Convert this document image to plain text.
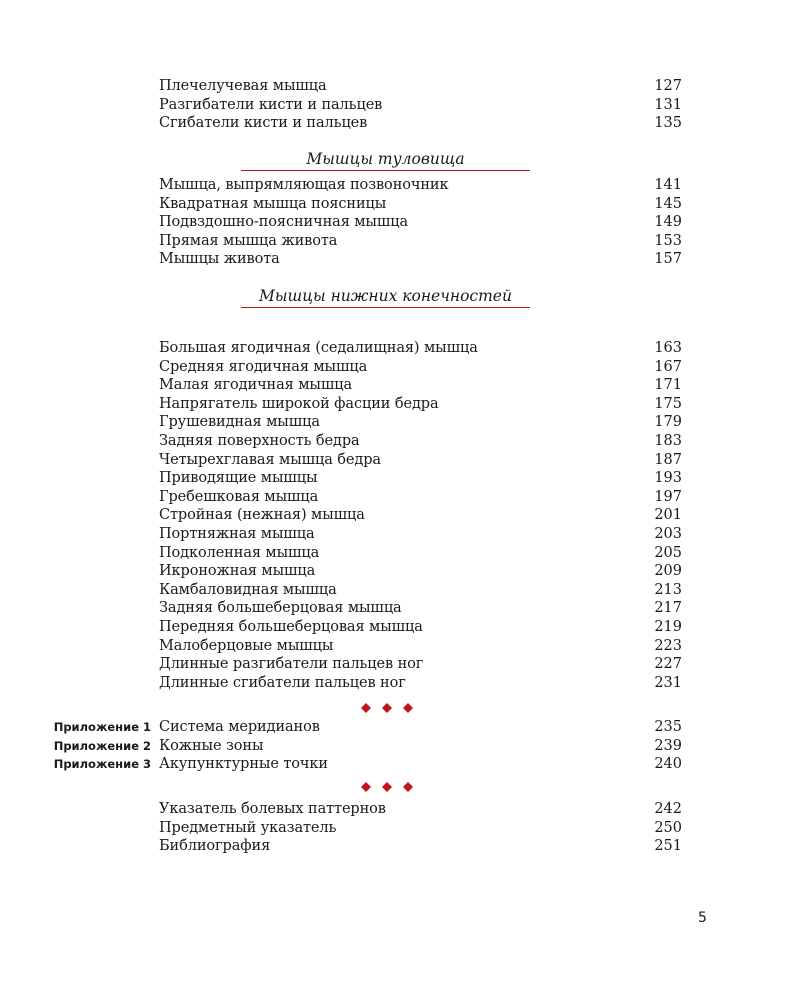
Плечелучевая мышца	127
Разгибатели кисти и пальцев	131
Сгибатели кисти и пальцев	135
Мышцы туловища
Мышца, выпрямляющая позвоночник	141
Квадратная мышца поясницы	145
Подвздошно-поясничная мышца	149
Прямая мышца живота	153
Мышцы живота	157
Мышцы нижних конечностей
Большая ягодичная (седалищная) мышца	163
Средняя ягодичная мышца	167
Малая ягодичная мышца	171
Напрягатель широкой фасции бедра	175
Грушевидная мышца	179
Задняя поверхность бедра	183
Четырехглавая мышца бедра	187
Приводящие мышцы	193
Гребешковая мышца	197
Стройная (нежная) мышца	201
Портняжная мышца	203
Подколенная мышца	205
Икроножная мышца	209
Камбаловидная мышца	213
Задняя большеберцовая мышца	217
Передняя большеберцовая мышца	219
Малоберцовые мышцы	223
Длинные разгибатели пальцев ног	227
Длинные сгибатели пальцев ног	231
Приложение 1 Система меридианов	235
Приложение 2 Кожные зоны	239
Приложение 3 Акупунктурные точки	240
Указатель болевых паттернов	242
Предметный указатель	250
Библиография	251
5
